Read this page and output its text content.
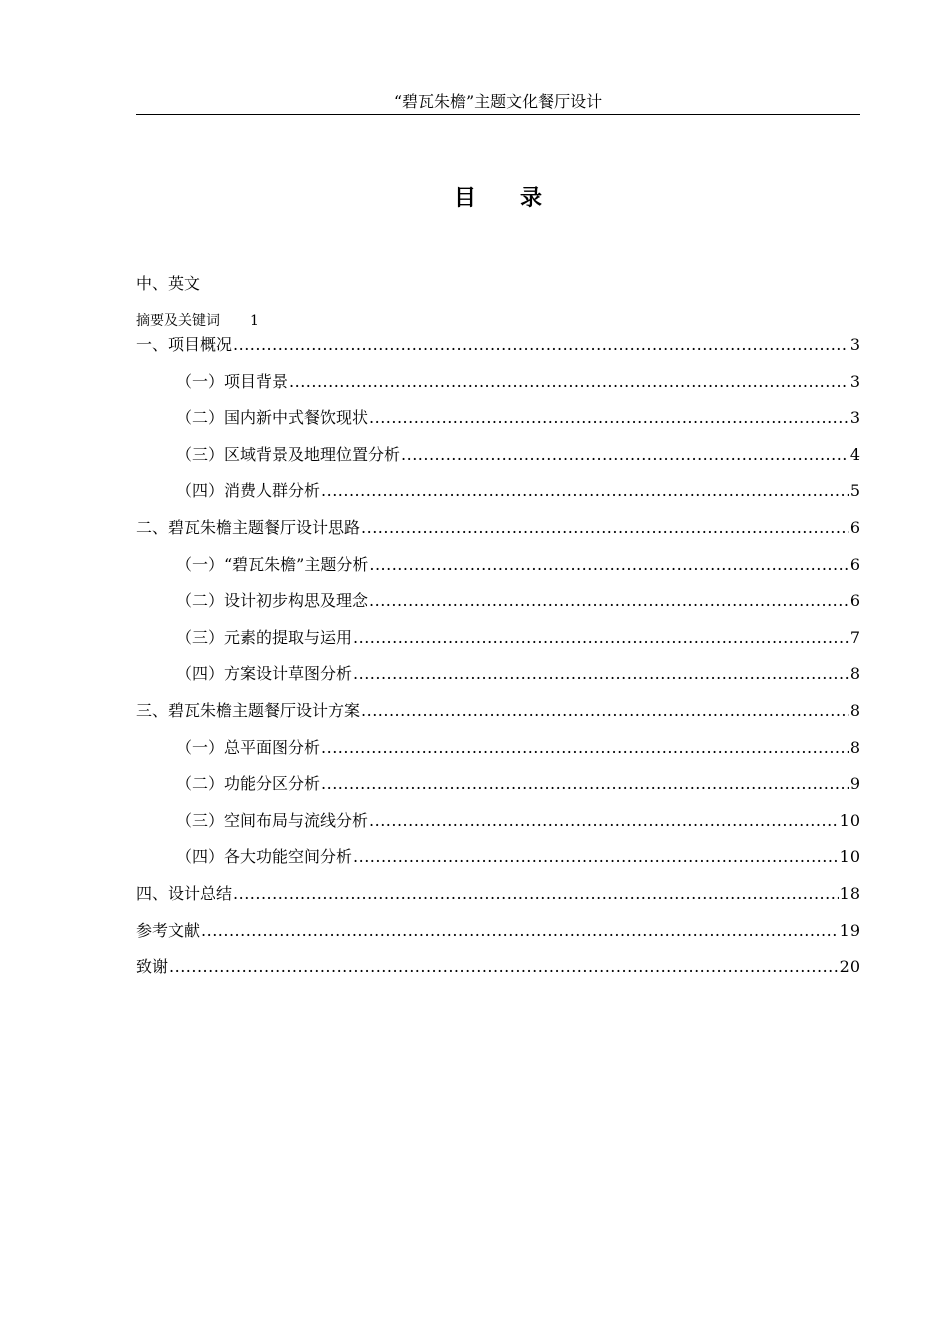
“碧瓦朱檐”主题文化餐厅设计
目 录
中、英文
摘要及关键词 1
一、项目概况 .....	3
（一）项目背景 .....	3
（二）国内新中式餐饮现状 .....	3
（三）区域背景及地理位置分析 .....	4
（四）消费人群分析 .....	5
二、碧瓦朱檐主题餐厅设计思路 .....	6
（一）“碧瓦朱檐”主题分析 .....	6
（二）设计初步构思及理念 .....	6
（三）元素的提取与运用 .....	7
（四）方案设计草图分析 .....	8
三、碧瓦朱檐主题餐厅设计方案 .....	8
（一）总平面图分析 .....	8
（二）功能分区分析 .....	9
（三）空间布局与流线分析 .....	10
（四）各大功能空间分析 .....	10
四、设计总结 .....	18
参考文献 .....	19
致谢 .....	20
